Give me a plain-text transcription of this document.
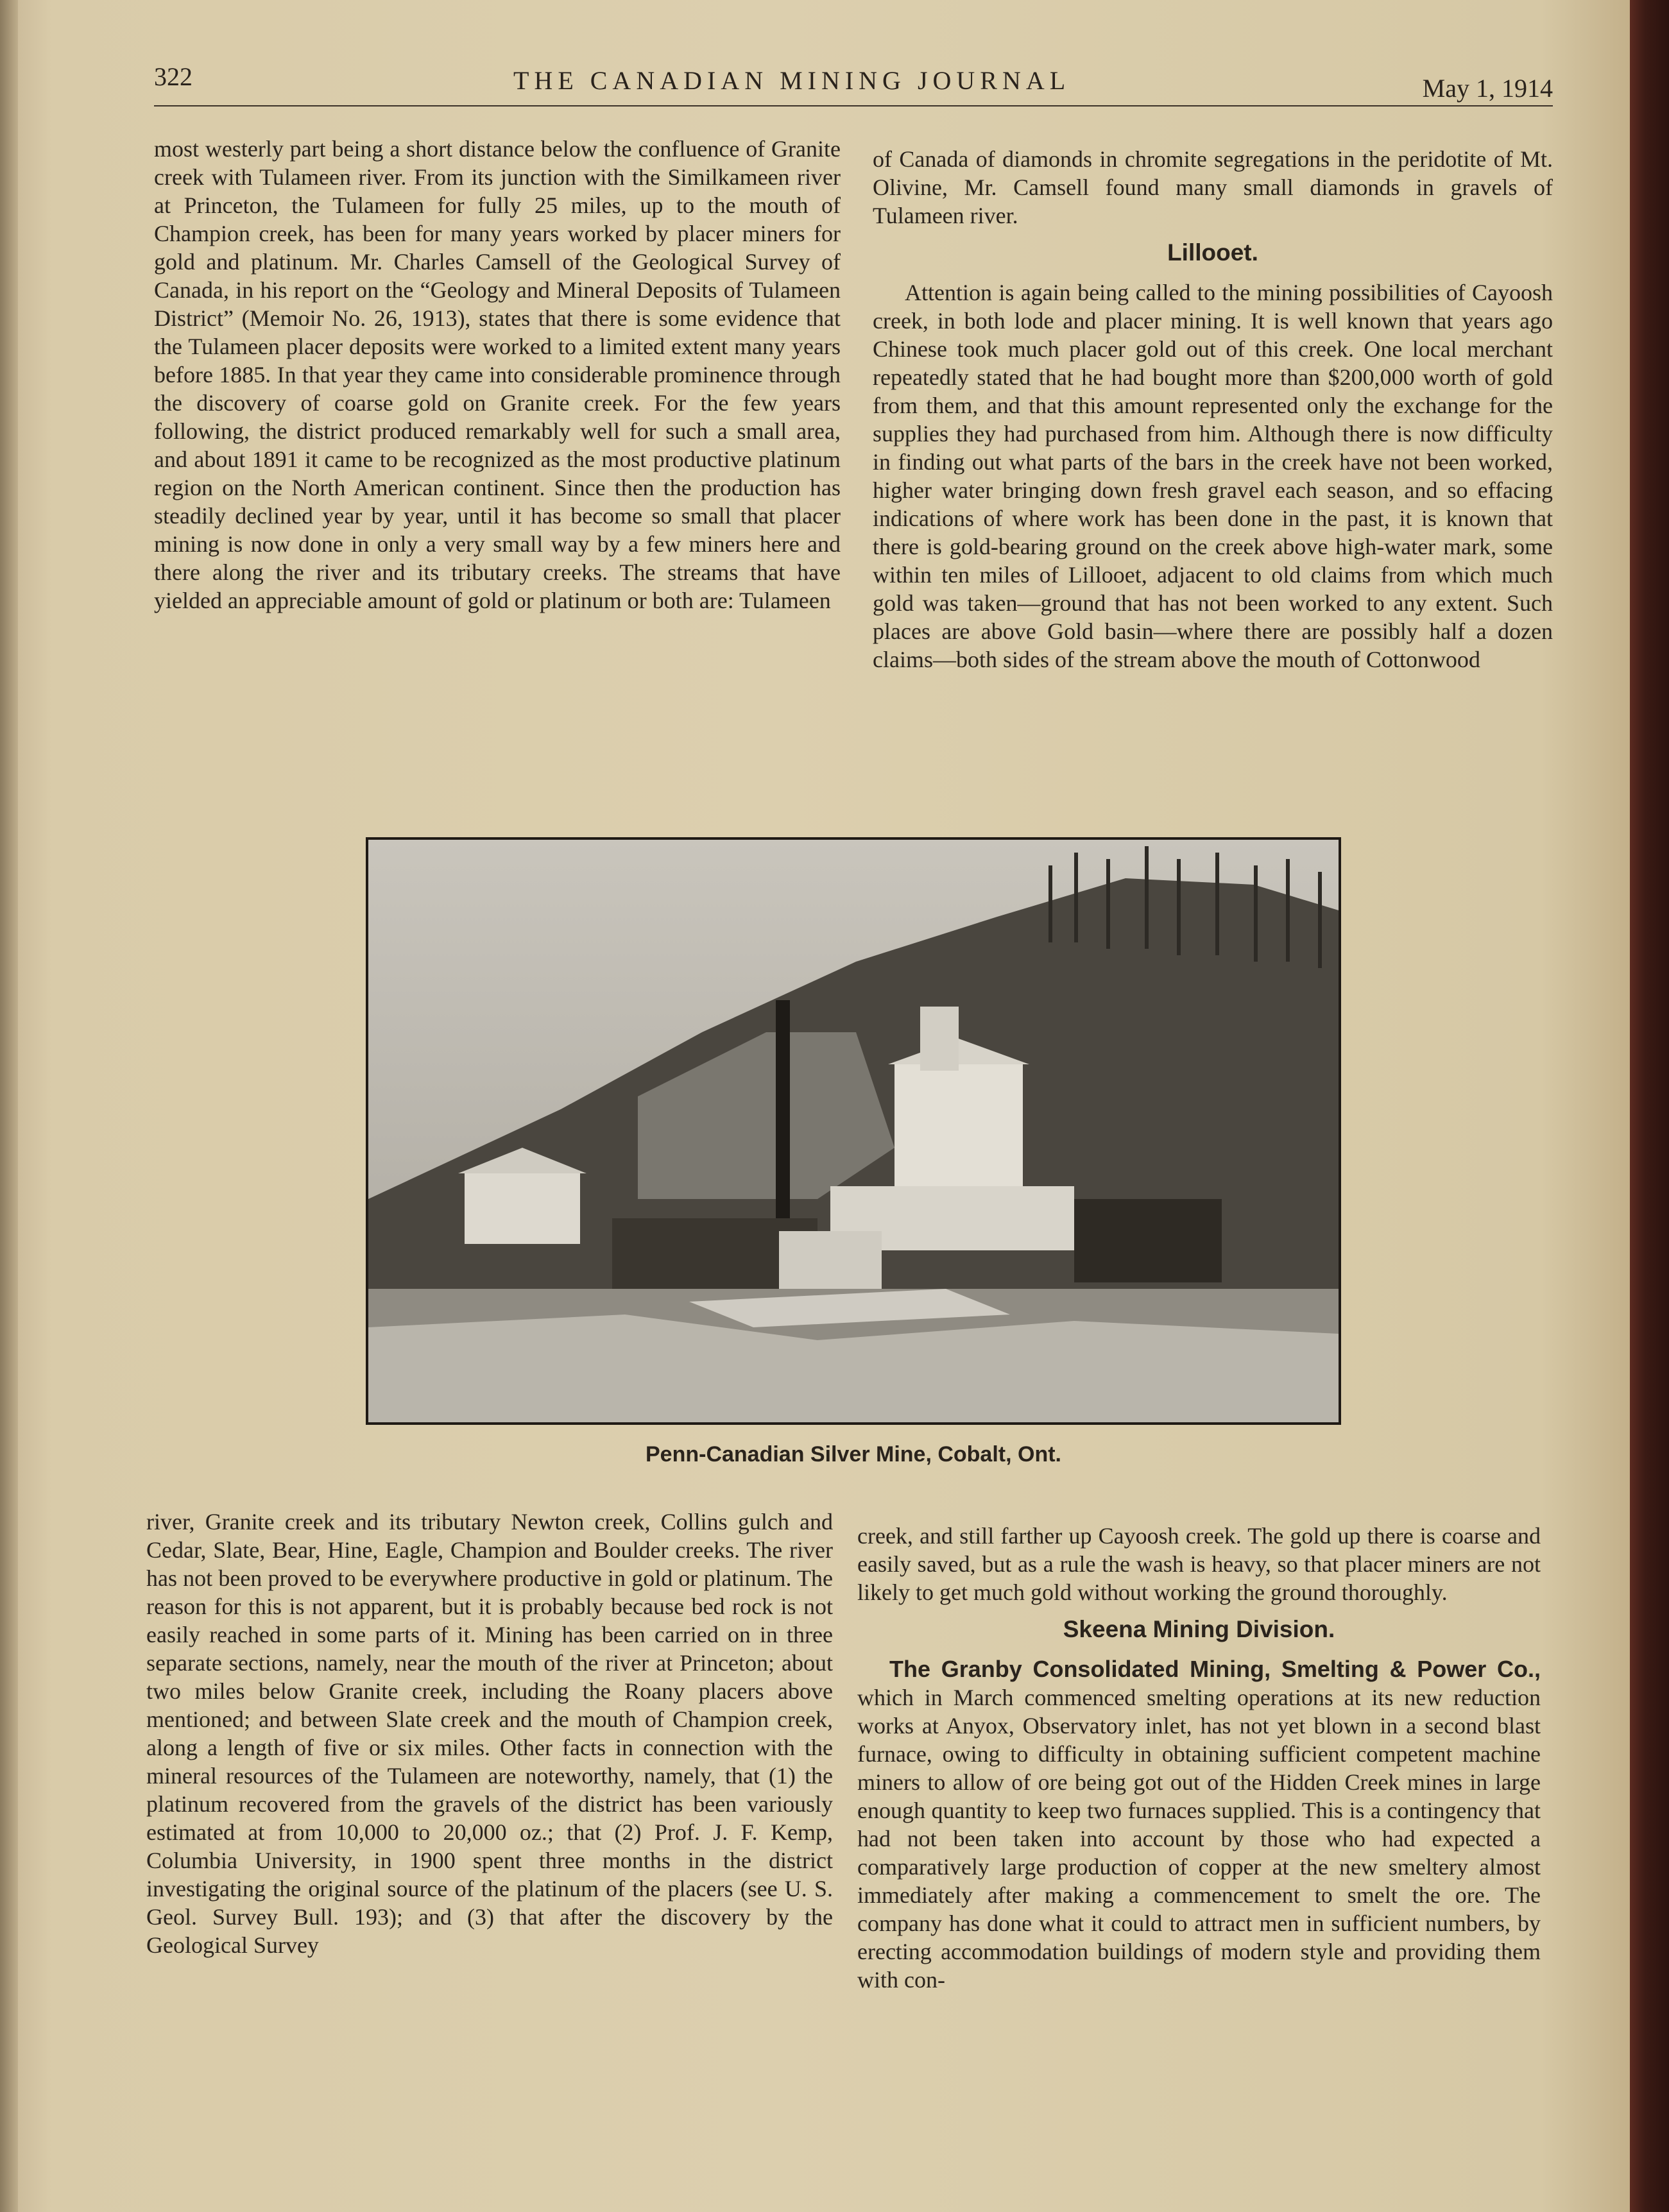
322	THE CANADIAN MINING JOURNAL	May 1, 1914

most westerly part being a short distance below the confluence of Granite creek with Tulameen river. From its junction with the Similkameen river at Princeton, the Tulameen for fully 25 miles, up to the mouth of Champion creek, has been for many years worked by placer miners for gold and platinum. Mr. Charles Camsell of the Geological Survey of Canada, in his report on the “Geology and Mineral Deposits of Tulameen District” (Memoir No. 26, 1913), states that there is some evidence that the Tulameen placer deposits were worked to a limited extent many years before 1885. In that year they came into considerable prominence through the discovery of coarse gold on Granite creek. For the few years following, the district produced remarkably well for such a small area, and about 1891 it came to be recognized as the most productive platinum region on the North American continent. Since then the production has steadily declined year by year, until it has become so small that placer mining is now done in only a very small way by a few miners here and there along the river and its tributary creeks. The streams that have yielded an appreciable amount of gold or platinum or both are: Tulameen

of Canada of diamonds in chromite segregations in the peridotite of Mt. Olivine, Mr. Camsell found many small diamonds in gravels of Tulameen river.

Lillooet.

Attention is again being called to the mining possibilities of Cayoosh creek, in both lode and placer mining. It is well known that years ago Chinese took much placer gold out of this creek. One local merchant repeatedly stated that he had bought more than $200,000 worth of gold from them, and that this amount represented only the exchange for the supplies they had purchased from him. Although there is now difficulty in finding out what parts of the bars in the creek have not been worked, higher water bringing down fresh gravel each season, and so effacing indications of where work has been done in the past, it is known that there is gold-bearing ground on the creek above high-water mark, some within ten miles of Lillooet, adjacent to old claims from which much gold was taken—ground that has not been worked to any extent. Such places are above Gold basin—where there are possibly half a dozen claims—both sides of the stream above the mouth of Cottonwood

Penn-Canadian Silver Mine, Cobalt, Ont.

river, Granite creek and its tributary Newton creek, Collins gulch and Cedar, Slate, Bear, Hine, Eagle, Champion and Boulder creeks. The river has not been proved to be everywhere productive in gold or platinum. The reason for this is not apparent, but it is probably because bed rock is not easily reached in some parts of it. Mining has been carried on in three separate sections, namely, near the mouth of the river at Princeton; about two miles below Granite creek, including the Roany placers above mentioned; and between Slate creek and the mouth of Champion creek, along a length of five or six miles. Other facts in connection with the mineral resources of the Tulameen are noteworthy, namely, that (1) the platinum recovered from the gravels of the district has been variously estimated at from 10,000 to 20,000 oz.; that (2) Prof. J. F. Kemp, Columbia University, in 1900 spent three months in the district investigating the original source of the platinum of the placers (see U. S. Geol. Survey Bull. 193); and (3) that after the discovery by the Geological Survey

creek, and still farther up Cayoosh creek. The gold up there is coarse and easily saved, but as a rule the wash is heavy, so that placer miners are not likely to get much gold without working the ground thoroughly.

Skeena Mining Division.

The Granby Consolidated Mining, Smelting & Power Co., which in March commenced smelting operations at its new reduction works at Anyox, Observatory inlet, has not yet blown in a second blast furnace, owing to difficulty in obtaining sufficient competent machine miners to allow of ore being got out of the Hidden Creek mines in large enough quantity to keep two furnaces supplied. This is a contingency that had not been taken into account by those who had expected a comparatively large production of copper at the new smeltery almost immediately after making a commencement to smelt the ore. The company has done what it could to attract men in sufficient numbers, by erecting accommodation buildings of modern style and providing them with con-
